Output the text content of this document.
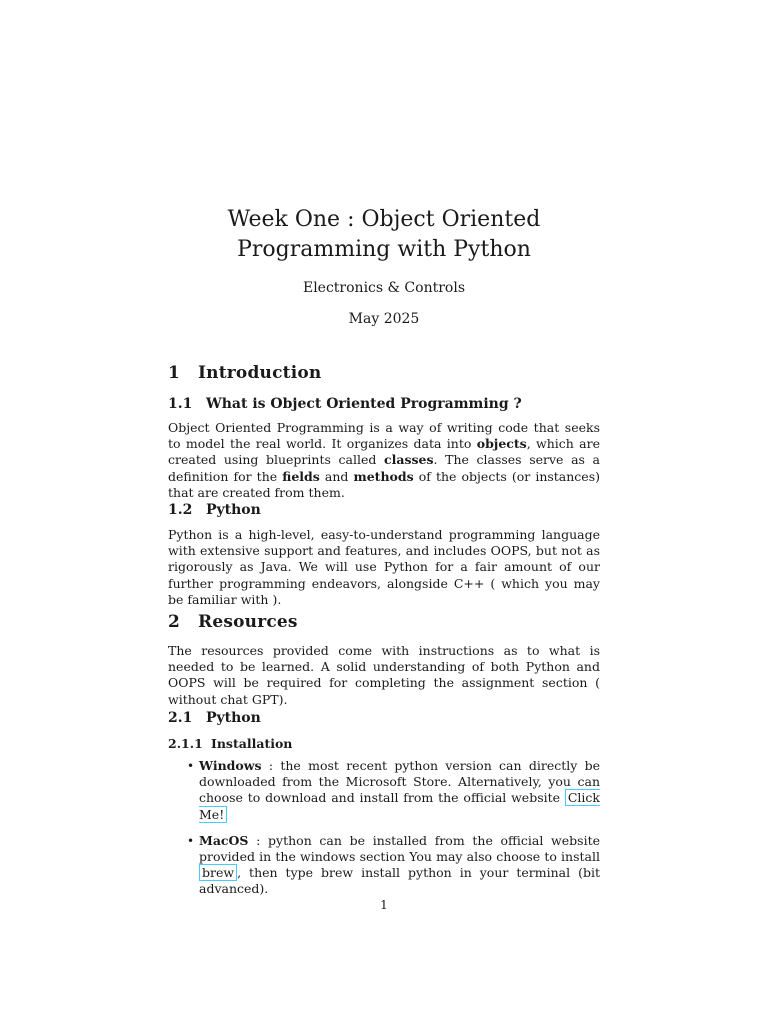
Week One : Object Oriented Programming with Python
Electronics & Controls
May 2025
1 Introduction
1.1 What is Object Oriented Programming ?
Object Oriented Programming is a way of writing code that seeks to model the real world. It organizes data into objects, which are created using blueprints called classes. The classes serve as a definition for the fields and methods of the objects (or instances) that are created from them.
1.2 Python
Python is a high-level, easy-to-understand programming language with extensive support and features, and includes OOPS, but not as rigorously as Java. We will use Python for a fair amount of our further programming endeavors, alongside C++ ( which you may be familiar with ).
2 Resources
The resources provided come with instructions as to what is needed to be learned. A solid understanding of both Python and OOPS will be required for completing the assignment section ( without chat GPT).
2.1 Python
2.1.1 Installation
• Windows : the most recent python version can directly be downloaded from the Microsoft Store. Alternatively, you can choose to download and install from the official website Click Me!
• MacOS : python can be installed from the official website provided in the windows section You may also choose to install brew , then type brew install python in your terminal (bit advanced).
1
